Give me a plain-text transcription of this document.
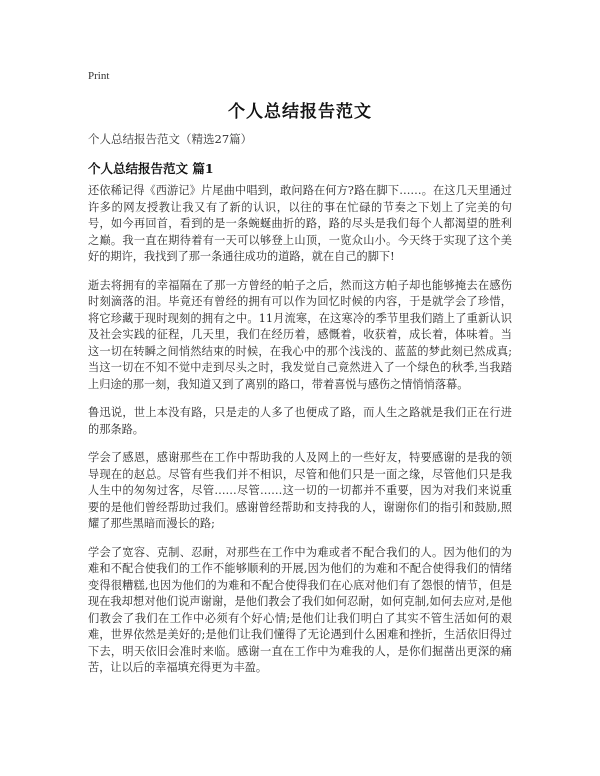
Print
个人总结报告范文
个人总结报告范文（精选27篇）
个人总结报告范文 篇1

还依稀记得《西游记》片尾曲中唱到，敢问路在何方?路在脚下……。在这几天里通过许多的网友授教让我又有了新的认识，以往的事在忙碌的节奏之下划上了完美的句号，如今再回首，看到的是一条蜿蜒曲折的路，路的尽头是我们每个人都渴望的胜利之巅。我一直在期待着有一天可以够登上山顶，一览众山小。今天终于实现了这个美好的期许，我找到了那一条通往成功的道路，就在自己的脚下!

逝去将拥有的幸福隔在了那一方曾经的帕子之后，然而这方帕子却也能够掩去在感伤时刻滴落的泪。毕竟还有曾经的拥有可以作为回忆时候的内容，于是就学会了珍惜，将它珍藏于现时现刻的拥有之中。11月流寒，在这寒冷的季节里我们踏上了重新认识及社会实践的征程，几天里，我们在经历着，感慨着，收获着，成长着，体味着。当这一切在转瞬之间悄然结束的时候，在我心中的那个浅浅的、蓝蓝的梦此刻已然成真;当这一切在不知不觉中走到尽头之时，我发觉自己竟然进入了一个绿色的秋季,当我踏上归途的那一刻，我知道又到了离别的路口，带着喜悦与感伤之情悄悄落幕。

鲁迅说，世上本没有路，只是走的人多了也便成了路，而人生之路就是我们正在行进的那条路。

学会了感恩，感谢那些在工作中帮助我的人及网上的一些好友，特要感谢的是我的领导现在的赵总。尽管有些我们并不相识，尽管和他们只是一面之缘，尽管他们只是我人生中的匆匆过客，尽管……尽管……这一切的一切都并不重要，因为对我们来说重要的是他们曾经帮助过我们。感谢曾经帮助和支持我的人，谢谢你们的指引和鼓励,照耀了那些黑暗而漫长的路;

学会了宽容、克制、忍耐，对那些在工作中为难或者不配合我们的人。因为他们的为难和不配合使我们的工作不能够顺利的开展,因为他们的为难和不配合使得我们的情绪变得很糟糕,也因为他们的为难和不配合使得我们在心底对他们有了怨恨的情节，但是现在我却想对他们说声谢谢，是他们教会了我们如何忍耐，如何克制,如何去应对,是他们教会了我们在工作中必须有个好心情;是他们让我们明白了其实不管生活如何的艰难，世界依然是美好的;是他们让我们懂得了无论遇到什么困难和挫折，生活依旧得过下去，明天依旧会准时来临。感谢一直在工作中为难我的人，是你们掘凿出更深的痛苦，让以后的幸福填充得更为丰盈。
